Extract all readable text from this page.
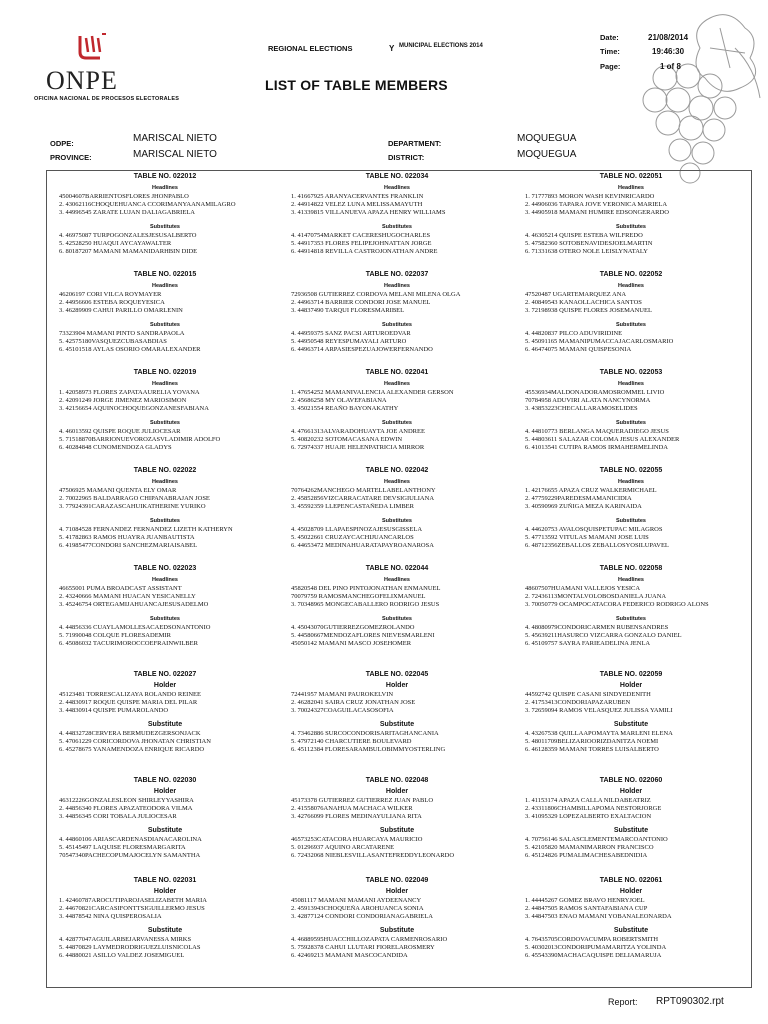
ONPE
OFICINA NACIONAL DE PROCESOS ELECTORALES
REGIONAL ELECTIONS	Y MUNICIPAL ELECTIONS 2014
LIST OF TABLE MEMBERS
Date:	21/08/2014
Time:	19:46:30
Page:	1 of 8
ODPE:	MARISCAL NIETO
PROVINCE:	MARISCAL NIETO
DEPARTMENT:	MOQUEGUA
DISTRICT:	MOQUEGUA
TABLE NO. 022012
Headlines
45004607BARRIENTOSFLORES JHONPABLO
2. 43062116CHOQUEHUANCA CCORIMANYAANAMILAGRO
3. 44996545 ZARATE LUJAN DALIAGABRIELA
Substitutes
4. 46975087 TURPOGONZALESJESUSALBERTO
5. 42528250 HUAQUI AYCAYAWALTER
6. 80187207 MAMANI MAMANIDARHBIN DIDE
TABLE NO. 022015
Headlines
46206197 CORI VILCA ROYMAYER
2. 44956606 ESTEBA ROQUEYESICA
3. 46289909 CAHUI PARILLO OMARLENIN
Substitutes
73323904 MAMANI PINTO SANDRAPAOLA
5. 42575180VASQUEZCUBASABDIAS
6. 45101518 AYLAS OSORIO OMARALEXANDER
TABLE NO. 022019
Headlines
1. 42058973 FLORES ZAPATAAURELIA YOVANA
2. 42091249 JORGE JIMENEZ MARIOSIMON
3. 42156654 AQUINOCHOQUEGONZANESFABIANA
Substitutes
4. 46013592 QUISPE ROQUE JULIOCESAR
5. 71518870BARRIONUEVOROZASVLADIMIR ADOLFO
6. 40284848 CUNOMENDOZA GLADYS
TABLE NO. 022022
Headlines
47506925 MAMANI QUENTA ELY OMAR
2. 70022965 BALDARRAGO CHIPANABRAJAN JOSE
3. 77924391CARAZASCAHUIKATHERINE YURIKO
Substitutes
4. 71084528 FERNANDEZ FERNANDEZ LIZETH KATHERYN
5. 41782863 RAMOS HUAYRA JUANBAUTISTA
6. 41985477CONDORI SANCHEZMARIAISABEL
TABLE NO. 022023
Headlines
46655001 PUMA BROADCAST ASSISTANT
2. 43240666 MAMANI HUACAN YESICANELLY
3. 45246754 ORTEGAMIJAHUANCAJESUSADELMO
Substitutes
4. 44856336 CUAYLAMOLLESACAEDSONANTONIO
5. 71990048 COLQUE FLORESADEMIR
6. 45086032 TACURIMOROCCOEFRAINWILBER
TABLE NO. 022027
Holder
45123481 TORRESCALIZAYA ROLANDO REINEE
2. 44830917 ROQUE QUISPE MARIA DEL PILAR
3. 44830914 QUISPE PUMAROLANDO
Substitute
4. 44832728CERVERA BERMUDEZGERSONJACK
5. 47061229 CORICORDOVA JHONATAN CHRISTIAN
6. 45278675 YANAMENDOZA ENRIQUE RICARDO
TABLE NO. 022030
Holder
46312226GONZALESLEON SHIRLEYYASHIRA
2. 44856340 FLORES APAZATEODORA VILMA
3. 44856345 CORI TOBALA JULIOCESAR
Substitute
4. 44860106 ARIASCARDENASDIANACAROLINA
5. 45145497 LAQUISE FLORESMARGARITA
70547340PACHECOPUMAJOCELYN SAMANTHA
TABLE NO. 022031
Holder
1. 42460787AROCUTIPAROJASELIZABETH MARIA
2. 44670821CARCASIFONTTSIGUILLERMO JESUS
3. 44878542 NINA QUISPEROSALIA
Substitute
4. 42877047AGUILARBEJARVANESSA MIRKS
5. 44870829 LAYMEDRODRIGUEZLUISNICOLAS
6. 44880021 ASILLO VALDEZ JOSEMIGUEL
TABLE NO. 022034
Headlines
1. 41667925 ARANYACERVANTES FRANKLIN
2. 44914822 VELEZ LUNA MELISSAMAYUTH
3. 41339815 VILLANUEVA APAZA HENRY WILLIAMS
Substitutes
4. 41470754MARKET CACERESHUGOCHARLES
5. 44917353 FLORES FELIPEJOHNATTAN JORGE
6. 44914818 REVILLA CASTROJONATHAN ANDRE
TABLE NO. 022037
Headlines
72936508 GUTIERREZ CORDOVA MELANI MILENA OLGA
2. 44963714 BARRIER CONDORI JOSE MANUEL
3. 44837490 TARQUI FLORESMARIBEL
Substitutes
4. 44959375 SANZ PACSI ARTUROEDVAR
5. 44950548 REYESPUMAYALI ARTURO
6. 44963714 ARPASIESPEZUAJOWERFERNANDO
TABLE NO. 022041
Headlines
1. 47654252 MAMANIVALENCIA ALEXANDER GERSON
2. 45686258 MY OLAVEFABIANA
3. 45021554 REAÑO BAYONAKATHY
Substitutes
4. 47661313ALVARADOHUAYTA JOE ANDREE
5. 40820232 SOTOMACASANA EDWIN
6. 72974337 HUAJE HELENPATRICIA MIRROR
TABLE NO. 022042
Headlines
70764262MANCHEGO MARTELLABELANTHONY
2. 45852856VIZCARRACATARE DEVSIGIULIANA
3. 45592359 LLEPENCASTAÑEDA LIMBER
Substitutes
4. 45028709 LLAPAESPINOZAJESUSGISSELA
5. 45022661 CRUZAYCACHIJUANCARLOS
6. 44653472 MEDINAHUARATAPAYROANAROSA
TABLE NO. 022044
Headlines
45820548 DEL PINO PINTOJONATHAN ENMANUEL
70079759 RAMOSMANCHEGOFELIXMANUEL
3. 70348965 MONGECABALLERO RODRIGO JESUS
Substitutes
4. 45043070GUTIERREZGOMEZROLANDO
5. 44580667MENDOZAFLORES NIEVESMARLENI
45050142 MAMANI MASCO JOSEHOMER
TABLE NO. 022045
Holder
72441957 MAMANI PAUROKELVIN
2. 46282041 SAIRA CRUZ JONATHAN JOSE
3. 70024327COAGUILACASOSOFIA
Substitute
4. 73462886 SURCOCONDORISARITAGHANCANIA
5. 47972140 CHARCUTIERE BOULEVARD
6. 45112384 FLORESARAMBULOBIMMYOSTERLING
TABLE NO. 022048
Holder
45173378 GUTIERREZ GUTIERREZ JUAN PABLO
2. 41558076ANAHUA MACHACA WILKER
3. 42766099 FLORES MEDINAYULIANA RITA
Substitute
46573253CATACORA HUARCAYA MAURICIO
5. 01296937 AQUINO ARCATARENE
6. 72432068 NIEBLESVILLASANTEFREDDYLEONARDO
TABLE NO. 022049
Holder
45081117 MAMANI MAMANI AYDEENANCY
2. 45913943CHOQUEÑA AROHUANCA SONIA
3. 42877124 CONDORI CONDORIANAGABRIELA
Substitute
4. 46889595HUACCHILLOZAPATA CARMENROSARIO
5. 75928378 CAHUI LLUTARI FIORELAROSMERY
6. 42469213 MAMANI MASCOCANDIDA
TABLE NO. 022051
Headlines
1. 71777893 MORON WASH KEVINRICARDO
2. 44906036 TAPARA JOVE VERONICA MARIELA
3. 44905918 MAMANI HUMIRE EDSONGERARDO
Substitutes
4. 46305214 QUISPE ESTEBA WILFREDO
5. 47582360 SOTOBENAVIDESJOELMARTIN
6. 71331638 OTERO NOLE LEISLYNATALY
TABLE NO. 022052
Headlines
47520487 UGARTEMARQUEZ ANA
2. 40849543 KANAOLLACHICA SANTOS
3. 72198938 QUISPE FLORES JOSEMANUEL
Substitutes
4. 44820837 PILCO ADUVIRIDINE
5. 45091165 MAMANIPUMACCAJACARLOSMARIO
6. 46474075 MAMANI QUISPESONIA
TABLE NO. 022053
Headlines
45536934MALDONADORAMOSROMMEL LIVIO
70784958 ADUVIRI ALATA NANCYNORMA
3. 43853223CHECALLARAMOSELIDES
Substitutes
4. 44810773 BERLANGA MAQUERADIEGO JESUS
5. 44803611 SALAZAR COLOMA JESUS ALEXANDER
6. 41013541 CUTIPA RAMOS IRMAHERMELINDA
TABLE NO. 022055
Headlines
1. 42176655 APAZA CRUZ WALKERMICHAEL
2. 47759229PAREDESMAMANICIDIA
3. 40590969 ZUÑIGA MEZA KARINAIDA
Substitutes
4. 44620753 AVALOSQUISPETUPAC MILAGROS
5. 47713592 VITULAS MAMANI JOSE LUIS
6. 48712356ZEBALLOS ZEBALLOSYOSILUPAVEL
TABLE NO. 022058
Headlines
48607507HUAMANI VALLEJOS YESICA
2. 72436113MONTALVOLOBOSDANIELA JUANA
3. 70050779 OCAMPOCATACORA FEDERICO RODRIGO ALONS
Substitutes
4. 48080979CONDORICARMEN RUBENSANDRES
5. 45639211HASURCO VIZCARRA GONZALO DANIEL
6. 45109757 SAYRA FARIEADELINA JENLA
TABLE NO. 022059
Holder
44592742 QUISPE CASANI SINDYEDENITH
2. 41753413CONDORIAPAZARUBEN
3. 72659094 RAMOS VELASQUEZ JULISSA YAMILI
Substitute
4. 43267538 QUILLAAPOMAYTA MARLENI ELENA
5. 48011709BELIZARIOORIZDANITZA NOEMI
6. 46128359 MAMANI TORRES LUISALBERTO
TABLE NO. 022060
Holder
1. 41153174 APAZA CALLA NILDABEATRIZ
2. 43311806CHAMBILLAPOMA NESTORJORGE
3. 41095329 LOPEZALBERTO EXALTACION
Substitute
4. 70756146 SALASCLEMENTEMARCOANTONIO
5. 42105820 MAMANIMARRON FRANCISCO
6. 45124826 PUMALIMACHESABEDNIDIA
TABLE NO. 022061
Holder
1. 44445267 GOMEZ BRAVO HENRYJOEL
2. 44847505 RAMOS SANTAFABIANA CUP
3. 44847503 ENAO MAMANI YOBANALEONARDA
Substitute
4. 76435705CORDOVACUMPA ROBERTSMITH
5. 40302013CONDORIPUMAMARITZA YOLINDA
6. 45543390MACHACAQUISPE DELIAMARUJA
Report: RPT090302.rpt
